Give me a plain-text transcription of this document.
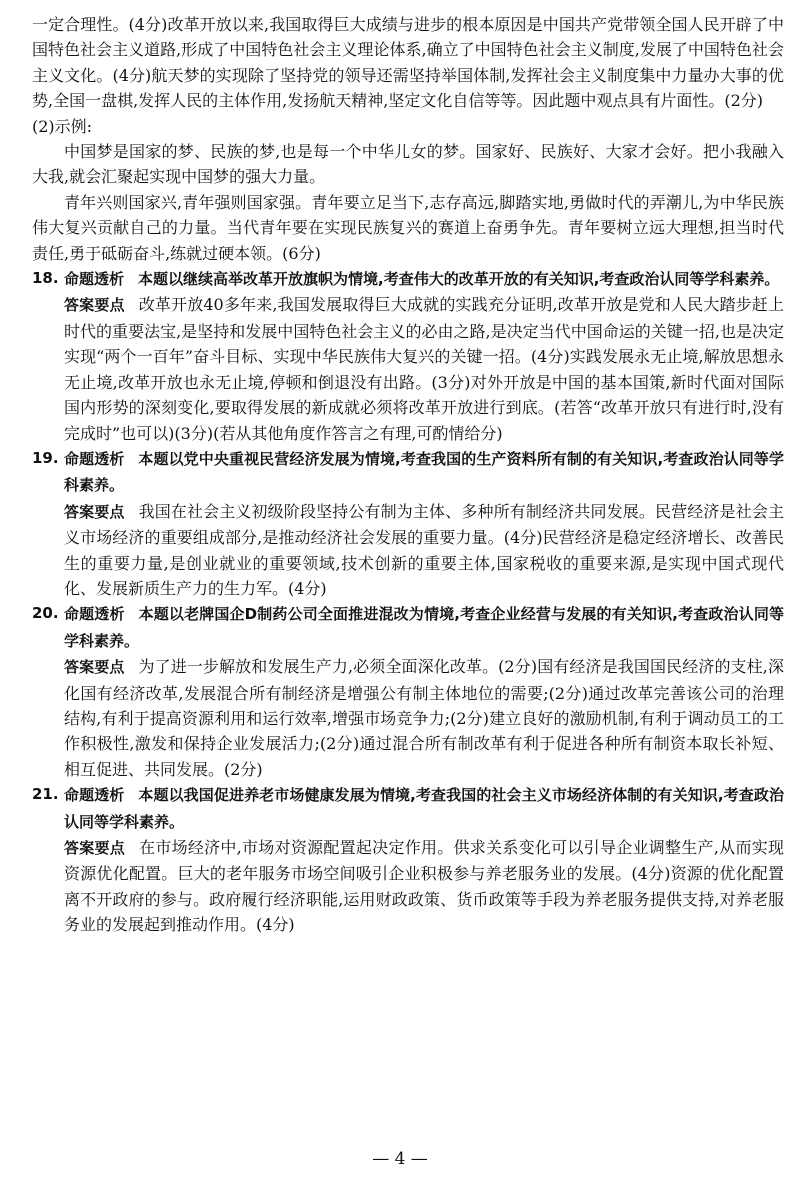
一定合理性。(4分)改革开放以来,我国取得巨大成绩与进步的根本原因是中国共产党带领全国人民开辟了中国特色社会主义道路,形成了中国特色社会主义理论体系,确立了中国特色社会主义制度,发展了中国特色社会主义文化。(4分)航天梦的实现除了坚持党的领导还需坚持举国体制,发挥社会主义制度集中力量办大事的优势,全国一盘棋,发挥人民的主体作用,发扬航天精神,坚定文化自信等等。因此题中观点具有片面性。(2分)

(2)示例:

中国梦是国家的梦、民族的梦,也是每一个中华儿女的梦。国家好、民族好、大家才会好。把小我融入大我,就会汇聚起实现中国梦的强大力量。

青年兴则国家兴,青年强则国家强。青年要立足当下,志存高远,脚踏实地,勇做时代的弄潮儿,为中华民族伟大复兴贡献自己的力量。当代青年要在实现民族复兴的赛道上奋勇争先。青年要树立远大理想,担当时代责任,勇于砥砺奋斗,练就过硬本领。(6分)

18. 命题透析 本题以继续高举改革开放旗帜为情境,考查伟大的改革开放的有关知识,考查政治认同等学科素养。

答案要点 改革开放40多年来,我国发展取得巨大成就的实践充分证明,改革开放是党和人民大踏步赶上时代的重要法宝,是坚持和发展中国特色社会主义的必由之路,是决定当代中国命运的关键一招,也是决定实现“两个一百年”奋斗目标、实现中华民族伟大复兴的关键一招。(4分)实践发展永无止境,解放思想永无止境,改革开放也永无止境,停顿和倒退没有出路。(3分)对外开放是中国的基本国策,新时代面对国际国内形势的深刻变化,要取得发展的新成就必须将改革开放进行到底。(若答“改革开放只有进行时,没有完成时”也可以)(3分)(若从其他角度作答言之有理,可酌情给分)

19. 命题透析 本题以党中央重视民营经济发展为情境,考查我国的生产资料所有制的有关知识,考查政治认同等学科素养。

答案要点 我国在社会主义初级阶段坚持公有制为主体、多种所有制经济共同发展。民营经济是社会主义市场经济的重要组成部分,是推动经济社会发展的重要力量。(4分)民营经济是稳定经济增长、改善民生的重要力量,是创业就业的重要领域,技术创新的重要主体,国家税收的重要来源,是实现中国式现代化、发展新质生产力的生力军。(4分)

20. 命题透析 本题以老牌国企D制药公司全面推进混改为情境,考查企业经营与发展的有关知识,考查政治认同等学科素养。

答案要点 为了进一步解放和发展生产力,必须全面深化改革。(2分)国有经济是我国国民经济的支柱,深化国有经济改革,发展混合所有制经济是增强公有制主体地位的需要;(2分)通过改革完善该公司的治理结构,有利于提高资源利用和运行效率,增强市场竞争力;(2分)建立良好的激励机制,有利于调动员工的工作积极性,激发和保持企业发展活力;(2分)通过混合所有制改革有利于促进各种所有制资本取长补短、相互促进、共同发展。(2分)

21. 命题透析 本题以我国促进养老市场健康发展为情境,考查我国的社会主义市场经济体制的有关知识,考查政治认同等学科素养。

答案要点 在市场经济中,市场对资源配置起决定作用。供求关系变化可以引导企业调整生产,从而实现资源优化配置。巨大的老年服务市场空间吸引企业积极参与养老服务业的发展。(4分)资源的优化配置离不开政府的参与。政府履行经济职能,运用财政政策、货币政策等手段为养老服务提供支持,对养老服务业的发展起到推动作用。(4分)

— 4 —
